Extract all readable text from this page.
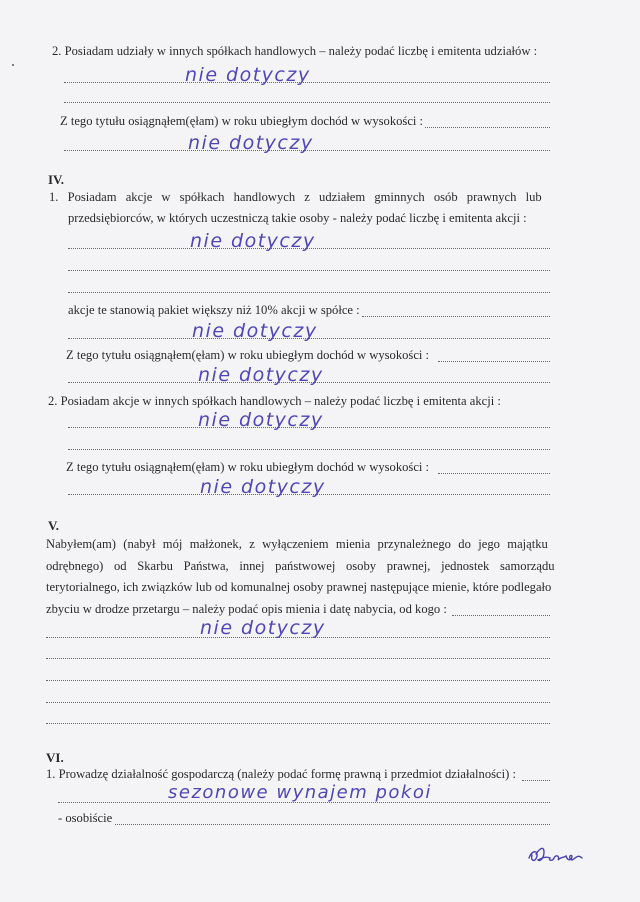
2. Posiadam udziały w innych spółkach handlowych – należy podać liczbę i emitenta udziałów :
nie dotyczy
Z tego tytułu osiągnąłem(ęłam) w roku ubiegłym dochód w wysokości :
nie dotyczy
IV.
1. Posiadam akcje w spółkach handlowych z udziałem gminnych osób prawnych lub
przedsiębiorców, w których uczestniczą takie osoby - należy podać liczbę i emitenta akcji :
nie dotyczy
akcje te stanowią pakiet większy niż 10% akcji w spółce :
nie dotyczy
Z tego tytułu osiągnąłem(ęłam) w roku ubiegłym dochód w wysokości :
nie dotyczy
2. Posiadam akcje w innych spółkach handlowych – należy podać liczbę i emitenta akcji :
nie dotyczy
Z tego tytułu osiągnąłem(ęłam) w roku ubiegłym dochód w wysokości :
nie dotyczy
V.
Nabyłem(am) (nabył mój małżonek, z wyłączeniem mienia przynależnego do jego majątku
odrębnego) od Skarbu Państwa, innej państwowej osoby prawnej, jednostek samorządu
terytorialnego, ich związków lub od komunalnej osoby prawnej następujące mienie, które podlegało
zbyciu w drodze przetargu – należy podać opis mienia i datę nabycia, od kogo :
nie dotyczy
VI.
1. Prowadzę działalność gospodarczą (należy podać formę prawną i przedmiot działalności) :
sezonowe wynajem pokoi
- osobiście
